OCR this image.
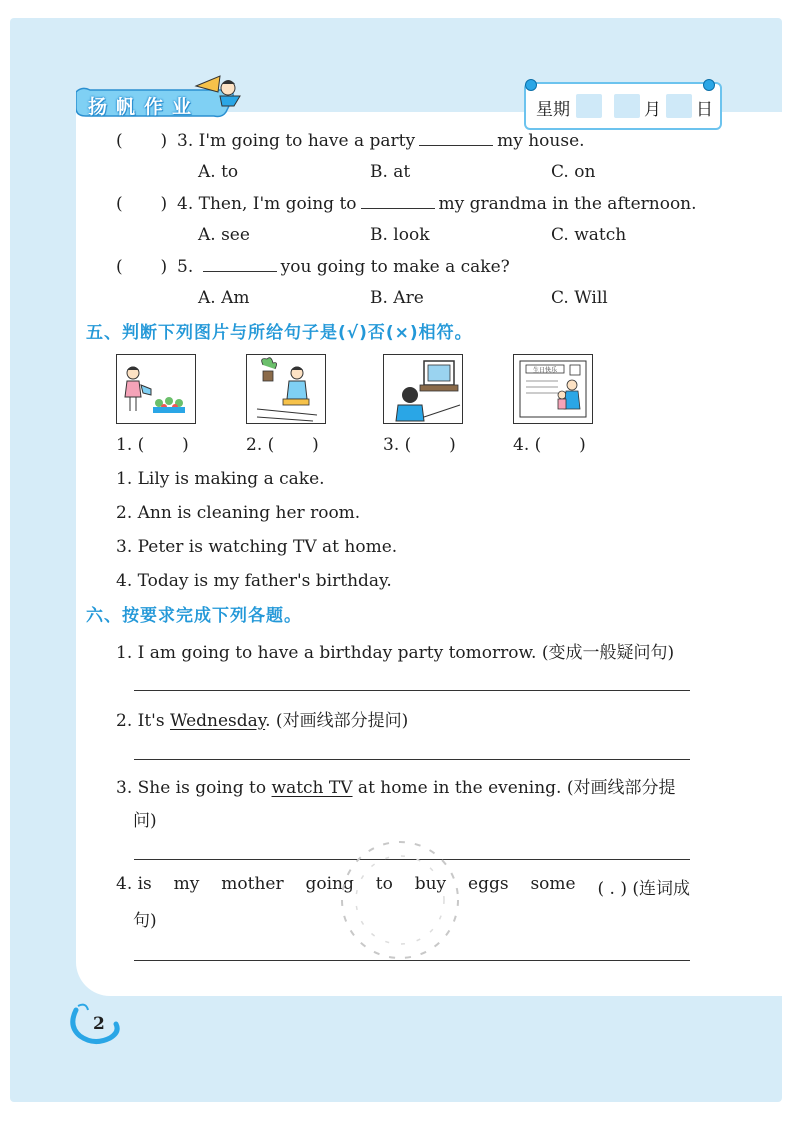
扬帆作业	星期	月 日
(       ) 3. I'm going to have a party	my house.
A. to	B. at	C. on
(       ) 4. Then, I'm going to	my grandma in the afternoon.
A. see	B. look	C. watch
(       ) 5.	you going to make a cake?
A. Am	B. Are	C. Will
五、判断下列图片与所给句子是(√)否(×)相符。
生日快乐
1. ( )	2. ( )	3. ( )	4. ( )
1. Lily is making a cake.
2. Ann is cleaning her room.
3. Peter is watching TV at home.
4. Today is my father's birthday.
六、按要求完成下列各题。
1. I am going to have a birthday party tomorrow. (变成一般疑问句)
2. It's Wednesday. (对画线部分提问)
3. She is going to watch TV at home in the evening. (对画线部分提
问)
4. is my mother going to buy eggs some ( . ) (连词成
句)
2
